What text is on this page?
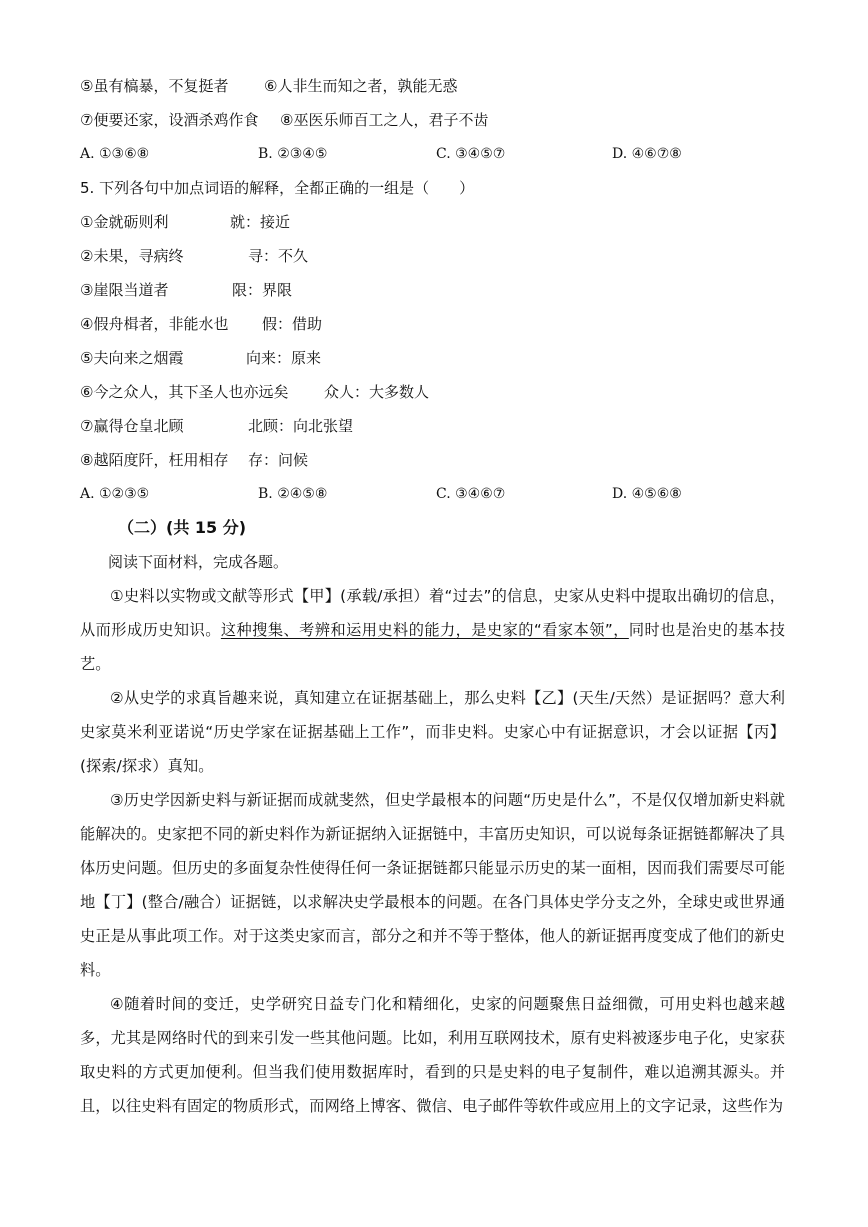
⑤虽有槁暴，不复挺者 ⑥人非生而知之者，孰能无惑
⑦便要还家，设酒杀鸡作食 ⑧巫医乐师百工之人，君子不齿
A. ①③⑥⑧	B. ②③④⑤	C. ③④⑤⑦	D. ④⑥⑦⑧
5. 下列各句中加点词语的解释，全都正确的一组是（　　）
①金就砺则利	就：接近
②未果，寻病终	寻：不久
③崖限当道者	限：界限
④假舟楫者，非能水也 假：借助
⑤夫向来之烟霞	向来：原来
⑥今之众人，其下圣人也亦远矣 众人：大多数人
⑦赢得仓皇北顾	北顾：向北张望
⑧越陌度阡，枉用相存 存：问候
A. ①②③⑤	B. ②④⑤⑧	C. ③④⑥⑦	D. ④⑤⑥⑧
（二）(共 15 分)
阅读下面材料，完成各题。
①史料以实物或文献等形式【甲】(承载/承担）着“过去”的信息，史家从史料中提取出确切的信息，从而形成历史知识。这种搜集、考辨和运用史料的能力，是史家的“看家本领”，同时也是治史的基本技艺。
②从史学的求真旨趣来说，真知建立在证据基础上，那么史料【乙】(天生/天然）是证据吗？意大利史家莫米利亚诺说“历史学家在证据基础上工作”，而非史料。史家心中有证据意识，才会以证据【丙】(探索/探求）真知。
③历史学因新史料与新证据而成就斐然，但史学最根本的问题“历史是什么”，不是仅仅增加新史料就能解决的。史家把不同的新史料作为新证据纳入证据链中，丰富历史知识，可以说每条证据链都解决了具体历史问题。但历史的多面复杂性使得任何一条证据链都只能显示历史的某一面相，因而我们需要尽可能地【丁】(整合/融合）证据链，以求解决史学最根本的问题。在各门具体史学分支之外，全球史或世界通史正是从事此项工作。对于这类史家而言，部分之和并不等于整体，他人的新证据再度变成了他们的新史料。
④随着时间的变迁，史学研究日益专门化和精细化，史家的问题聚焦日益细微，可用史料也越来越多，尤其是网络时代的到来引发一些其他问题。比如，利用互联网技术，原有史料被逐步电子化，史家获取史料的方式更加便利。但当我们使用数据库时，看到的只是史料的电子复制件，难以追溯其源头。并且，以往史料有固定的物质形式，而网络上博客、微信、电子邮件等软件或应用上的文字记录，这些作为
